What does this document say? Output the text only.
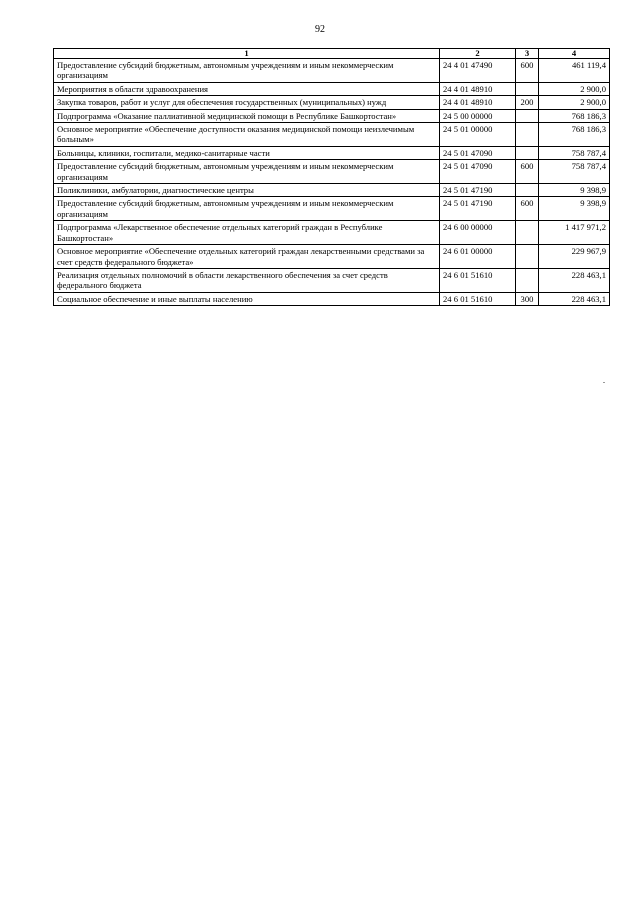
92
1	2	3	4
Предоставление субсидий бюджетным, автономным учреждениям и иным некоммерческим организациям	24 4 01 47490	600	461 119,4
Мероприятия в области здравоохранения	24 4 01 48910		2 900,0
Закупка товаров, работ и услуг для обеспечения государственных (муниципальных) нужд	24 4 01 48910	200	2 900,0
Подпрограмма «Оказание паллиативной медицинской помощи в Республике Башкортостан»	24 5 00 00000		768 186,3
Основное мероприятие «Обеспечение доступности оказания медицинской помощи неизлечимым больным»	24 5 01 00000		768 186,3
Больницы, клиники, госпитали, медико-санитарные части	24 5 01 47090		758 787,4
Предоставление субсидий бюджетным, автономным учреждениям и иным некоммерческим организациям	24 5 01 47090	600	758 787,4
Поликлиники, амбулатории, диагностические центры	24 5 01 47190		9 398,9
Предоставление субсидий бюджетным, автономным учреждениям и иным некоммерческим организациям	24 5 01 47190	600	9 398,9
Подпрограмма «Лекарственное обеспечение отдельных категорий граждан в Республике Башкортостан»	24 6 00 00000		1 417 971,2
Основное мероприятие «Обеспечение отдельных категорий граждан лекарственными средствами за счет средств федерального бюджета»	24 6 01 00000		229 967,9
Реализация отдельных полномочий в области лекарственного обеспечения за счет средств федерального бюджета	24 6 01 51610		228 463,1
Социальное обеспечение и иные выплаты населению	24 6 01 51610	300	228 463,1
